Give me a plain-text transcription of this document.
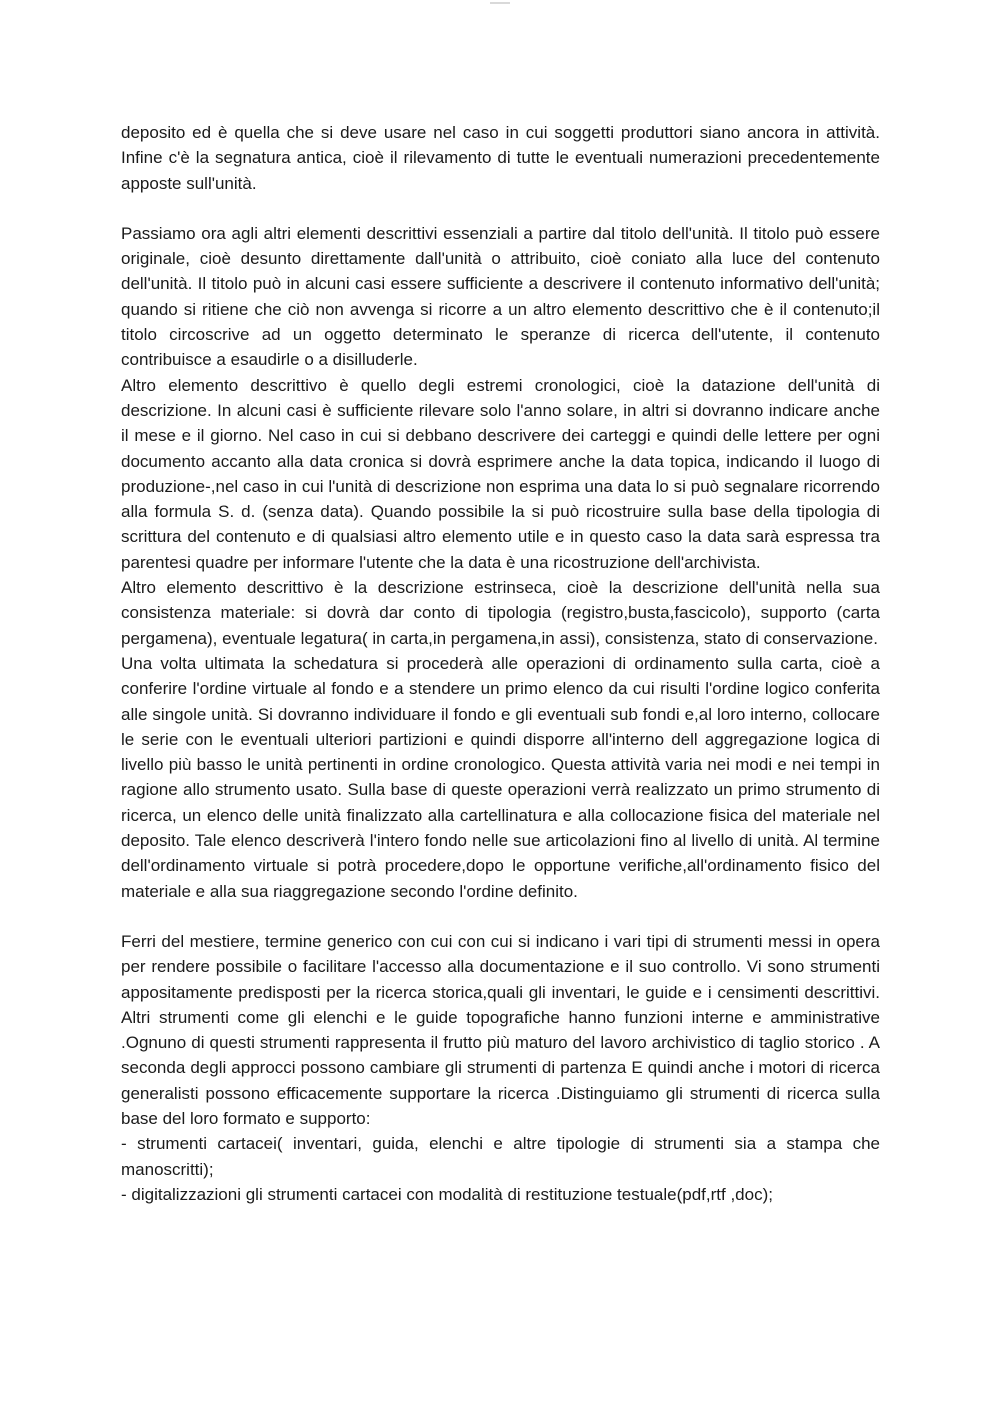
deposito ed è quella che si deve usare nel caso in cui soggetti produttori siano ancora in attività. Infine c'è la segnatura antica, cioè il rilevamento di tutte le eventuali numerazioni precedentemente apposte sull'unità.

Passiamo ora agli altri elementi descrittivi essenziali a partire dal titolo dell'unità. Il titolo può essere originale, cioè desunto direttamente dall'unità o attribuito, cioè coniato alla luce del contenuto dell'unità. Il titolo può in alcuni casi essere sufficiente a descrivere il contenuto informativo dell'unità; quando si ritiene che ciò non avvenga si ricorre a un altro elemento descrittivo che è il contenuto;il titolo circoscrive ad un oggetto determinato le speranze di ricerca dell'utente, il contenuto contribuisce a esaudirle o a disilluderle.

Altro elemento descrittivo è quello degli estremi cronologici, cioè la datazione dell'unità di descrizione. In alcuni casi è sufficiente rilevare solo l'anno solare, in altri si dovranno indicare anche il mese e il giorno. Nel caso in cui si debbano descrivere dei carteggi e quindi delle lettere per ogni documento accanto alla data cronica si dovrà esprimere anche la data topica, indicando il luogo di produzione-,nel caso in cui l'unità di descrizione non esprima una data lo si può segnalare ricorrendo alla formula S. d. (senza data). Quando possibile la si può ricostruire sulla base della tipologia di scrittura del contenuto e di qualsiasi altro elemento utile e in questo caso la data sarà espressa tra parentesi quadre per informare l'utente che la data è una ricostruzione dell'archivista.

Altro elemento descrittivo è la descrizione estrinseca, cioè la descrizione dell'unità nella sua consistenza materiale: si dovrà dar conto di tipologia (registro,busta,fascicolo), supporto (carta pergamena), eventuale legatura( in carta,in pergamena,in assi), consistenza, stato di conservazione.

Una volta ultimata la schedatura si procederà alle operazioni di ordinamento sulla carta, cioè a conferire l'ordine virtuale al fondo e a stendere un primo elenco da cui risulti l'ordine logico conferita alle singole unità. Si dovranno individuare il fondo e gli eventuali sub fondi e,al loro interno, collocare le serie con le eventuali ulteriori partizioni e quindi disporre all'interno dell aggregazione logica di livello più basso le unità pertinenti in ordine cronologico. Questa attività varia nei modi e nei tempi in ragione allo strumento usato. Sulla base di queste operazioni verrà realizzato un primo strumento di ricerca, un elenco delle unità finalizzato alla cartellinatura e alla collocazione fisica del materiale nel deposito. Tale elenco descriverà l'intero fondo nelle sue articolazioni fino al livello di unità. Al termine dell'ordinamento virtuale si potrà procedere,dopo le opportune verifiche,all'ordinamento fisico del materiale e alla sua riaggregazione secondo l'ordine definito.

Ferri del mestiere, termine generico con cui con cui si indicano i vari tipi di strumenti messi in opera per rendere possibile o facilitare l'accesso alla documentazione e il suo controllo. Vi sono strumenti appositamente predisposti per la ricerca storica,quali gli inventari, le guide e i censimenti descrittivi. Altri strumenti come gli elenchi e le guide topografiche hanno funzioni interne e amministrative .Ognuno di questi strumenti rappresenta il frutto più maturo del lavoro archivistico di taglio storico . A seconda degli approcci possono cambiare gli strumenti di partenza E quindi anche i motori di ricerca generalisti possono efficacemente supportare la ricerca .Distinguiamo gli strumenti di ricerca sulla base del loro formato e supporto:

- strumenti cartacei( inventari, guida, elenchi e altre tipologie di strumenti sia a stampa che manoscritti);

- digitalizzazioni gli strumenti cartacei con modalità di restituzione testuale(pdf,rtf ,doc);
